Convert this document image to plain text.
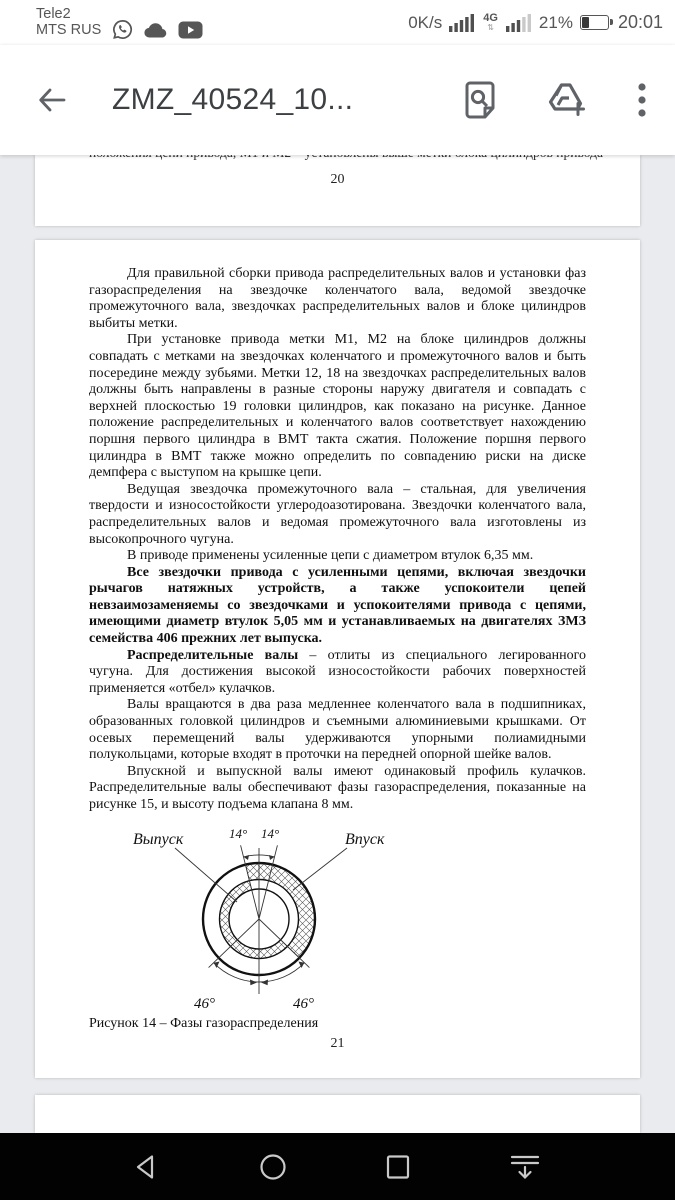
Tele2
MTS RUS	0K/s	4G
⇅	21%	20:01
ZMZ_40524_10...
20

Для правильной сборки привода распределительных валов и установки фаз газораспределения на звездочке коленчатого вала, ведомой звездочке промежуточного вала, звездочках распределительных валов и блоке цилиндров выбиты метки.

При установке привода метки М1, М2 на блоке цилиндров должны совпадать с метками на звездочках коленчатого и промежуточного валов и быть посередине между зубьями. Метки 12, 18 на звездочках распределительных валов должны быть направлены в разные стороны наружу двигателя и совпадать с верхней плоскостью 19 головки цилиндров, как показано на рисунке. Данное положение распределительных и коленчатого валов соответствует нахождению поршня первого цилиндра в ВМТ такта сжатия. Положение поршня первого цилиндра в ВМТ также можно определить по совпадению риски на диске демпфера с выступом на крышке цепи.

Ведущая звездочка промежуточного вала – стальная, для увеличения твердости и износостойкости углеродоазотирована. Звездочки коленчатого вала, распределительных валов и ведомая промежуточного вала изготовлены из высокопрочного чугуна.

В приводе применены усиленные цепи с диаметром втулок 6,35 мм.

Все звездочки привода с усиленными цепями, включая звездочки рычагов натяжных устройств, а также успокоители цепей невзаимозаменяемы со звездочками и успокоителями привода с цепями, имеющими диаметр втулок 5,05 мм и устанавливаемых на двигателях ЗМЗ семейства 406 прежних лет выпуска.

Распределительные валы – отлиты из специального легированного чугуна. Для достижения высокой износостойкости рабочих поверхностей применяется «отбел» кулачков.

Валы вращаются в два раза медленнее коленчатого вала в подшипниках, образованных головкой цилиндров и съемными алюминиевыми крышками. От осевых перемещений валы удерживаются упорными полиамидными полукольцами, которые входят в проточки на передней опорной шейке валов.

Впускной и выпускной валы имеют одинаковый профиль кулачков. Распределительные валы обеспечивают фазы газораспределения, показанные на рисунке 15, и высоту подъема клапана 8 мм.

Выпуск	Впуск
14° 14°
46°	46°

Рисунок 14 – Фазы газораспределения

21
